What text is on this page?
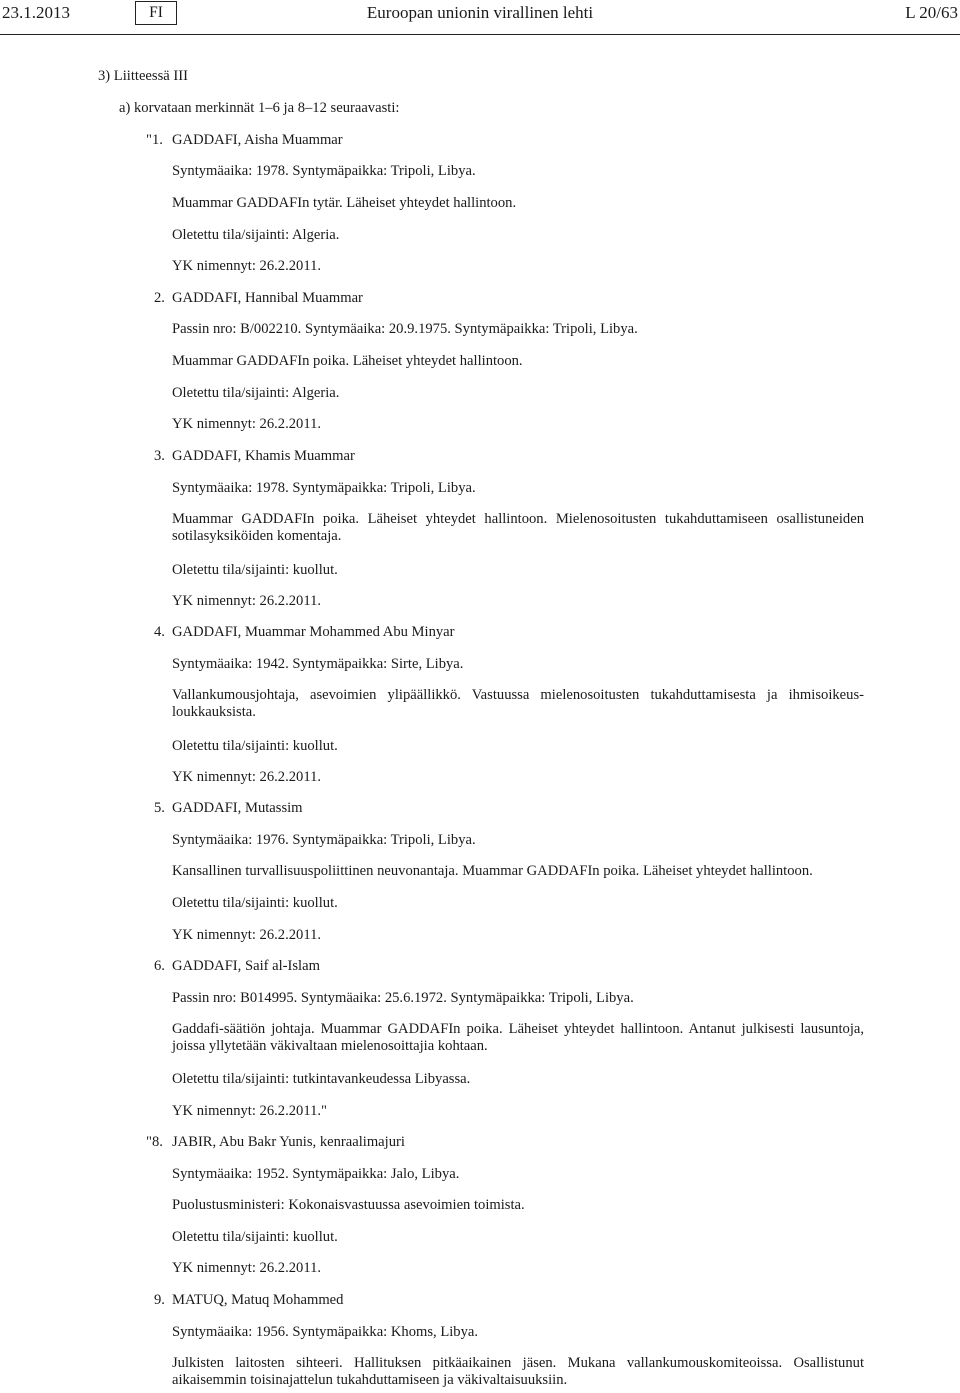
23.1.2013	Euroopan unionin virallinen lehti
FI	L 20/63
3) Liitteessä III
a) korvataan merkinnät 1–6 ja 8–12 seuraavasti:
"1. GADDAFI, Aisha Muammar
Syntymäaika: 1978. Syntymäpaikka: Tripoli, Libya.
Muammar GADDAFIn tytär. Läheiset yhteydet hallintoon.
Oletettu tila/sijainti: Algeria.
YK nimennyt: 26.2.2011.
2. GADDAFI, Hannibal Muammar
Passin nro: B/002210. Syntymäaika: 20.9.1975. Syntymäpaikka: Tripoli, Libya.
Muammar GADDAFIn poika. Läheiset yhteydet hallintoon.
Oletettu tila/sijainti: Algeria.
YK nimennyt: 26.2.2011.
3. GADDAFI, Khamis Muammar
Syntymäaika: 1978. Syntymäpaikka: Tripoli, Libya.
Muammar GADDAFIn poika. Läheiset yhteydet hallintoon. Mielenosoitusten tukahduttamiseen osallistuneiden sotilasyksiköiden komentaja.
Oletettu tila/sijainti: kuollut.
YK nimennyt: 26.2.2011.
4. GADDAFI, Muammar Mohammed Abu Minyar
Syntymäaika: 1942. Syntymäpaikka: Sirte, Libya.
Vallankumousjohtaja, asevoimien ylipäällikkö. Vastuussa mielenosoitusten tukahduttamisesta ja ihmisoikeusloukkauksista.
Oletettu tila/sijainti: kuollut.
YK nimennyt: 26.2.2011.
5. GADDAFI, Mutassim
Syntymäaika: 1976. Syntymäpaikka: Tripoli, Libya.
Kansallinen turvallisuuspoliittinen neuvonantaja. Muammar GADDAFIn poika. Läheiset yhteydet hallintoon.
Oletettu tila/sijainti: kuollut.
YK nimennyt: 26.2.2011.
6. GADDAFI, Saif al-Islam
Passin nro: B014995. Syntymäaika: 25.6.1972. Syntymäpaikka: Tripoli, Libya.
Gaddafi-säätiön johtaja. Muammar GADDAFIn poika. Läheiset yhteydet hallintoon. Antanut julkisesti lausuntoja, joissa yllytetään väkivaltaan mielenosoittajia kohtaan.
Oletettu tila/sijainti: tutkintavankeudessa Libyassa.
YK nimennyt: 26.2.2011."
"8. JABIR, Abu Bakr Yunis, kenraalimajuri
Syntymäaika: 1952. Syntymäpaikka: Jalo, Libya.
Puolustusministeri: Kokonaisvastuussa asevoimien toimista.
Oletettu tila/sijainti: kuollut.
YK nimennyt: 26.2.2011.
9. MATUQ, Matuq Mohammed
Syntymäaika: 1956. Syntymäpaikka: Khoms, Libya.
Julkisten laitosten sihteeri. Hallituksen pitkäaikainen jäsen. Mukana vallankumouskomiteoissa. Osallistunut aikaisemmin toisinajattelun tukahduttamiseen ja väkivaltaisuuksiin.
